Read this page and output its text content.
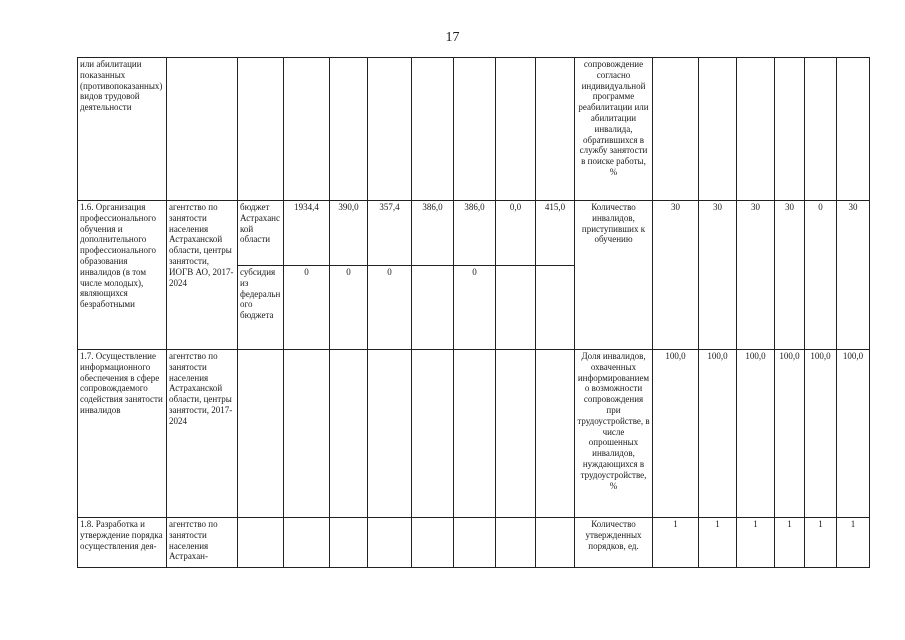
17
или абилитации показанных (противопоказанных) видов трудовой деятельности										сопровождение согласно индивидуальной программе реабилитации или абилитации инвалида, обратившихся в службу занятости в поиске работы, %						
1.6. Организация профессионального обучения и дополнительного профессионального образования инвалидов (в том числе молодых), являющихся безработными	агентство по занятости населения Астраханской области, центры занятости, ИОГВ АО, 2017-2024	бюджет Астраханской области	1934,4	390,0	357,4	386,0	386,0	0,0	415,0	Количество инвалидов, приступивших к обучению	30	30	30	30	0	30
		субсидия из федерального бюджета	0	0	0		0									
1.7. Осуществление информационного обеспечения в сфере сопровождаемого содействия занятости инвалидов	агентство по занятости населения Астраханской области, центры занятости, 2017-2024									Доля инвалидов, охваченных информированием о возможности сопровождения при трудоустройстве, в числе опрошенных инвалидов, нуждающихся в трудоустройстве, %	100,0	100,0	100,0	100,0	100,0	100,0
1.8. Разработка и утверждение порядка осуществления дея-	агентство по занятости населения Астрахан-									Количество утвержденных порядков, ед.	1	1	1	1	1	1
